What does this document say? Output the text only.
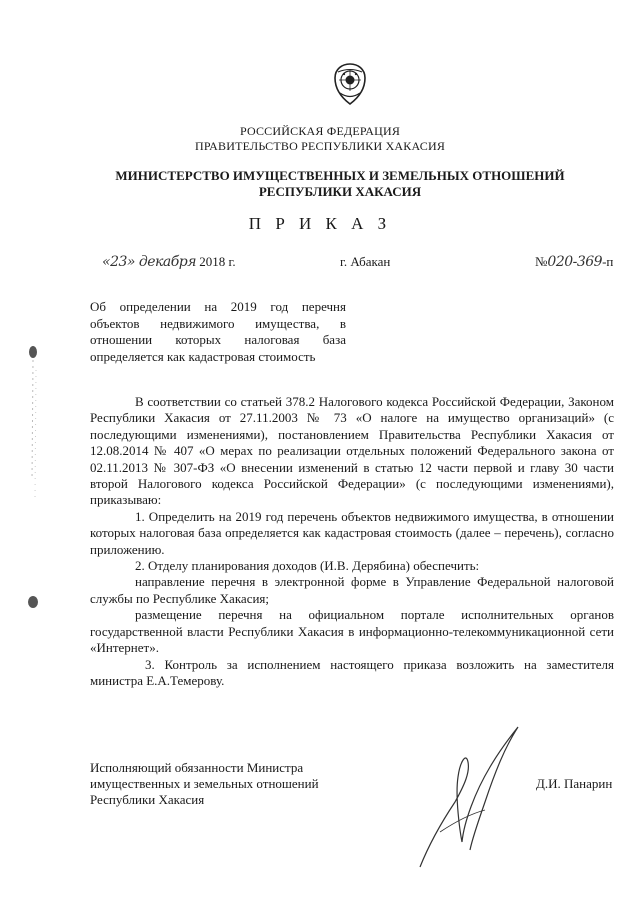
РОССИЙСКАЯ ФЕДЕРАЦИЯ
ПРАВИТЕЛЬСТВО РЕСПУБЛИКИ ХАКАСИЯ
МИНИСТЕРСТВО ИМУЩЕСТВЕННЫХ И ЗЕМЕЛЬНЫХ ОТНОШЕНИЙ
РЕСПУБЛИКИ ХАКАСИЯ
П Р И К А З
«23» декабря 2018 г.	г. Абакан	№020-369-п
Об определении на 2019 год перечня объектов недвижимого имущества, в отношении которых налоговая база определяется как кадастровая стоимость

В соответствии со статьей 378.2 Налогового кодекса Российской Федерации, Законом Республики Хакасия от 27.11.2003 № 73 «О налоге на имущество организаций» (с последующими изменениями), постановлением Правительства Республики Хакасия от 12.08.2014 № 407 «О мерах по реализации отдельных положений Федерального закона от 02.11.2013 № 307-ФЗ «О внесении изменений в статью 12 части первой и главу 30 части второй Налогового кодекса Российской Федерации» (с последующими изменениями), приказываю:

1. Определить на 2019 год перечень объектов недвижимого имущества, в отношении которых налоговая база определяется как кадастровая стоимость (далее – перечень), согласно приложению.

2. Отделу планирования доходов (И.В. Дерябина) обеспечить:

направление перечня в электронной форме в Управление Федеральной налоговой службы по Республике Хакасия;

размещение перечня на официальном портале исполнительных органов государственной власти Республики Хакасия в информационно-телекоммуникационной сети «Интернет».

3. Контроль за исполнением настоящего приказа возложить на заместителя министра Е.А.Темерову.

Исполняющий обязанности Министра
имущественных и земельных отношений
Республики Хакасия
Д.И. Панарин
